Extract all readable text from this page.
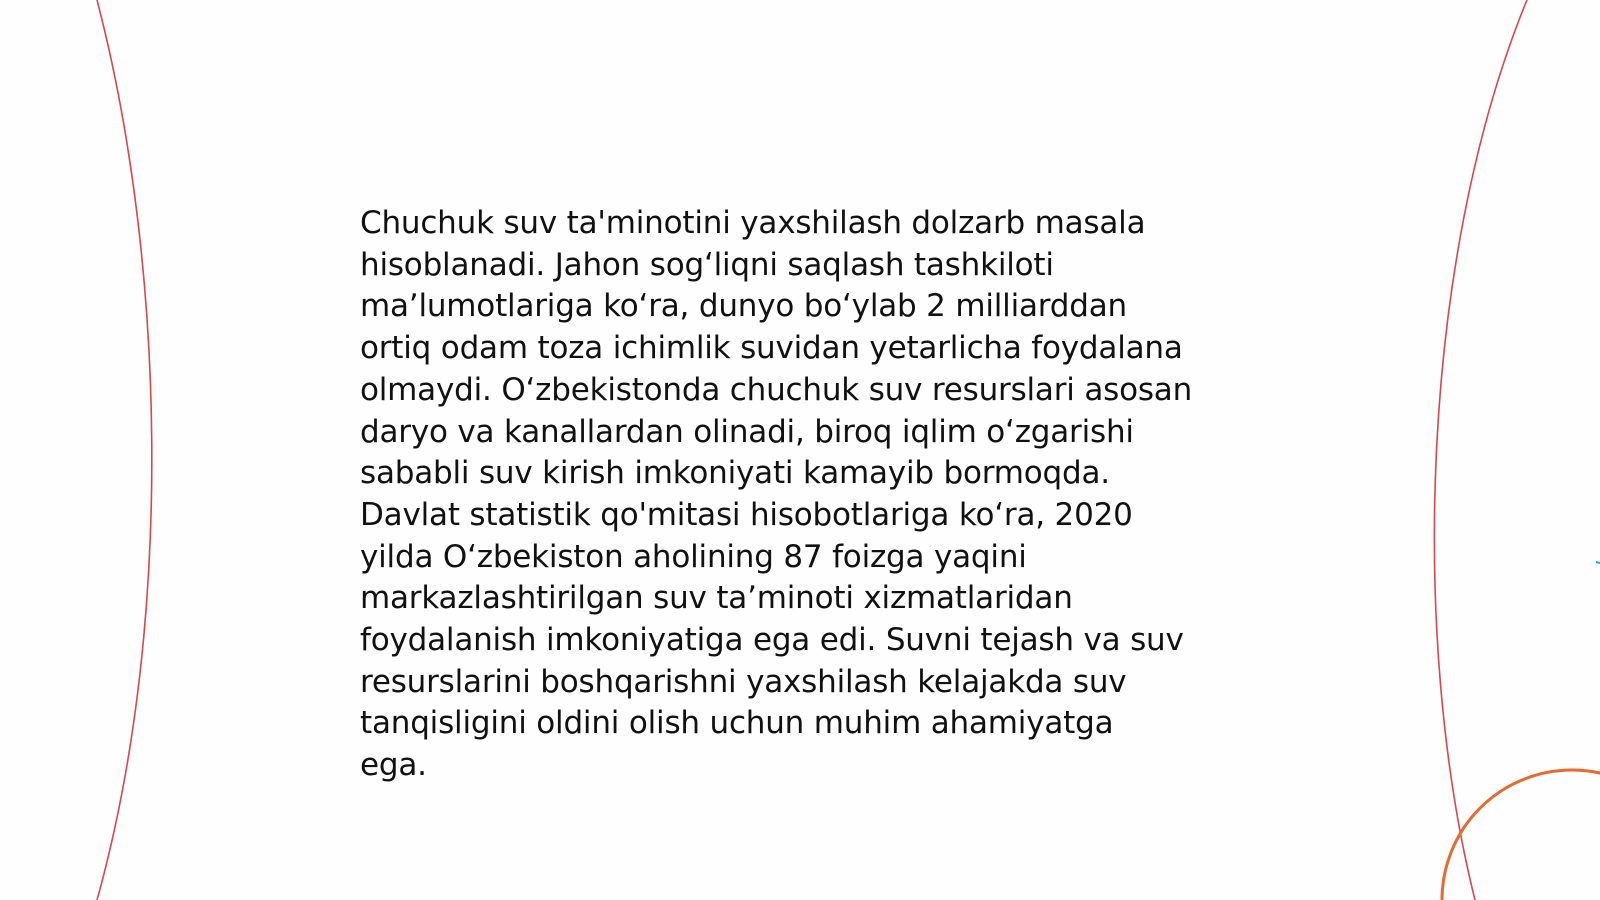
Chuchuk suv ta'minotini yaxshilash dolzarb masala
hisoblanadi. Jahon sog‘liqni saqlash tashkiloti
ma’lumotlariga ko‘ra, dunyo bo‘ylab 2 milliarddan
ortiq odam toza ichimlik suvidan yetarlicha foydalana
olmaydi. O‘zbekistonda chuchuk suv resurslari asosan
daryo va kanallardan olinadi, biroq iqlim o‘zgarishi
sababli suv kirish imkoniyati kamayib bormoqda.
Davlat statistik qo'mitasi hisobotlariga ko‘ra, 2020
yilda O‘zbekiston aholining 87 foizga yaqini
markazlashtirilgan suv ta’minoti xizmatlaridan
foydalanish imkoniyatiga ega edi. Suvni tejash va suv
resurslarini boshqarishni yaxshilash kelajakda suv
tanqisligini oldini olish uchun muhim ahamiyatga
ega.
